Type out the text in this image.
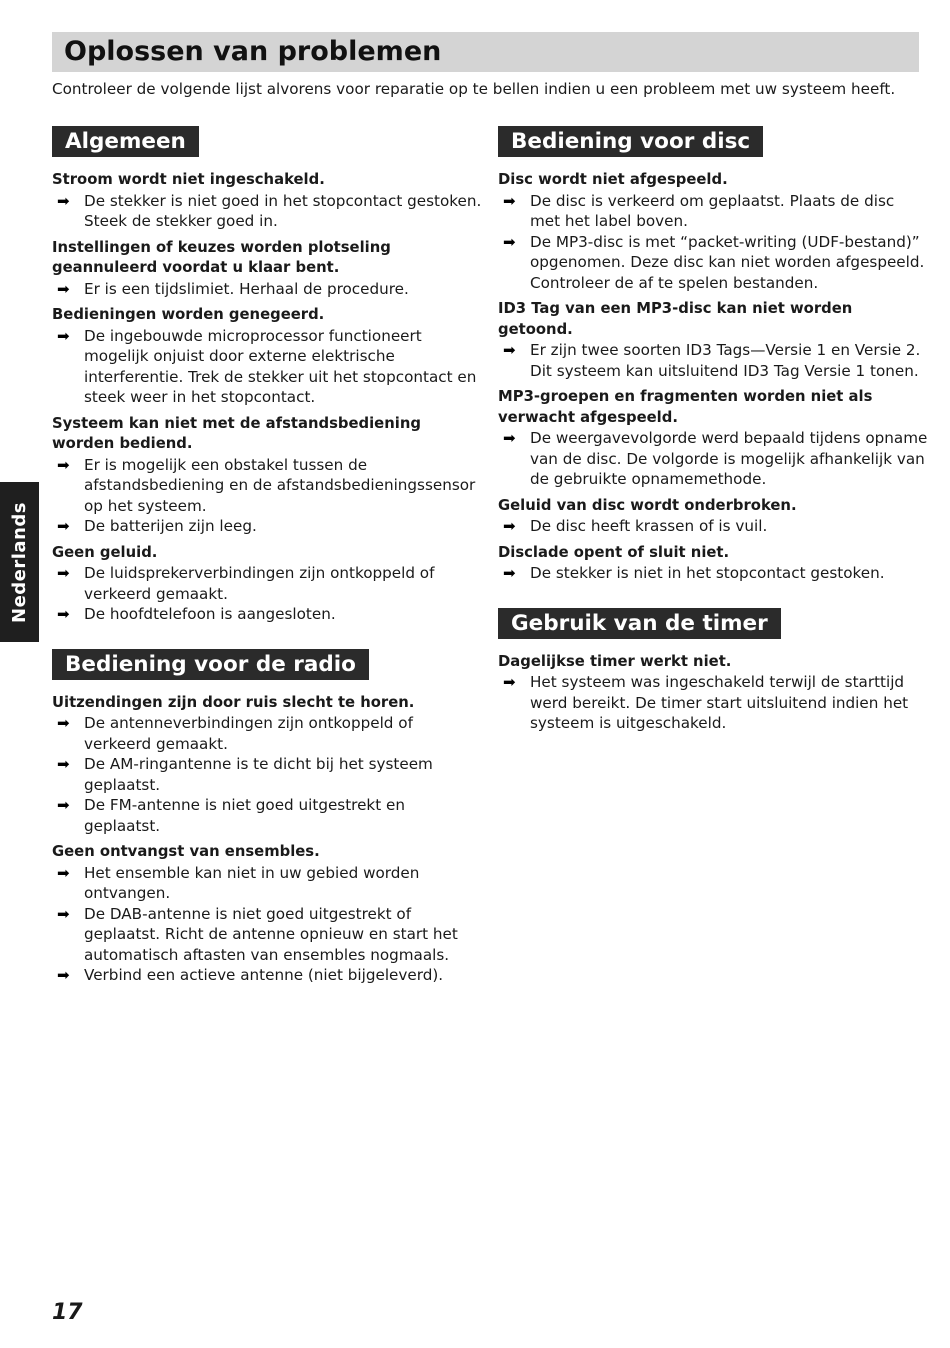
Oplossen van problemen

Controleer de volgende lijst alvorens voor reparatie op te bellen indien u een probleem met uw systeem heeft.

Algemeen

Stroom wordt niet ingeschakeld.

➡ De stekker is niet goed in het stopcontact gestoken. Steek de stekker goed in.

Instellingen of keuzes worden plotseling geannuleerd voordat u klaar bent.

➡ Er is een tijdslimiet. Herhaal de procedure.

Bedieningen worden genegeerd.

➡ De ingebouwde microprocessor functioneert mogelijk onjuist door externe elektrische interferentie. Trek de stekker uit het stopcontact en steek weer in het stopcontact.

Systeem kan niet met de afstandsbediening worden bediend.

➡ Er is mogelijk een obstakel tussen de afstandsbediening en de afstandsbedieningssensor op het systeem.
➡ De batterijen zijn leeg.

Geen geluid.

➡ De luidsprekerverbindingen zijn ontkoppeld of verkeerd gemaakt.
➡ De hoofdtelefoon is aangesloten.
Bediening voor de radio

Uitzendingen zijn door ruis slecht te horen.

➡ De antenneverbindingen zijn ontkoppeld of verkeerd gemaakt.
➡ De AM-ringantenne is te dicht bij het systeem geplaatst.
➡ De FM-antenne is niet goed uitgestrekt en geplaatst.

Geen ontvangst van ensembles.

➡ Het ensemble kan niet in uw gebied worden ontvangen.
➡ De DAB-antenne is niet goed uitgestrekt of geplaatst. Richt de antenne opnieuw en start het automatisch aftasten van ensembles nogmaals.
➡ Verbind een actieve antenne (niet bijgeleverd).
Bediening voor disc

Disc wordt niet afgespeeld.

➡ De disc is verkeerd om geplaatst. Plaats de disc met het label boven.
➡ De MP3-disc is met “packet-writing (UDF-bestand)” opgenomen. Deze disc kan niet worden afgespeeld. Controleer de af te spelen bestanden.

ID3 Tag van een MP3-disc kan niet worden getoond.

➡ Er zijn twee soorten ID3 Tags—Versie 1 en Versie 2. Dit systeem kan uitsluitend ID3 Tag Versie 1 tonen.

MP3-groepen en fragmenten worden niet als verwacht afgespeeld.

➡ De weergavevolgorde werd bepaald tijdens opname van de disc. De volgorde is mogelijk afhankelijk van de gebruikte opnamemethode.

Geluid van disc wordt onderbroken.

➡ De disc heeft krassen of is vuil.

Disclade opent of sluit niet.

➡ De stekker is niet in het stopcontact gestoken.
Gebruik van de timer

Dagelijkse timer werkt niet.

➡ Het systeem was ingeschakeld terwijl de starttijd werd bereikt. De timer start uitsluitend indien het systeem is uitgeschakeld.
Nederlands

17
